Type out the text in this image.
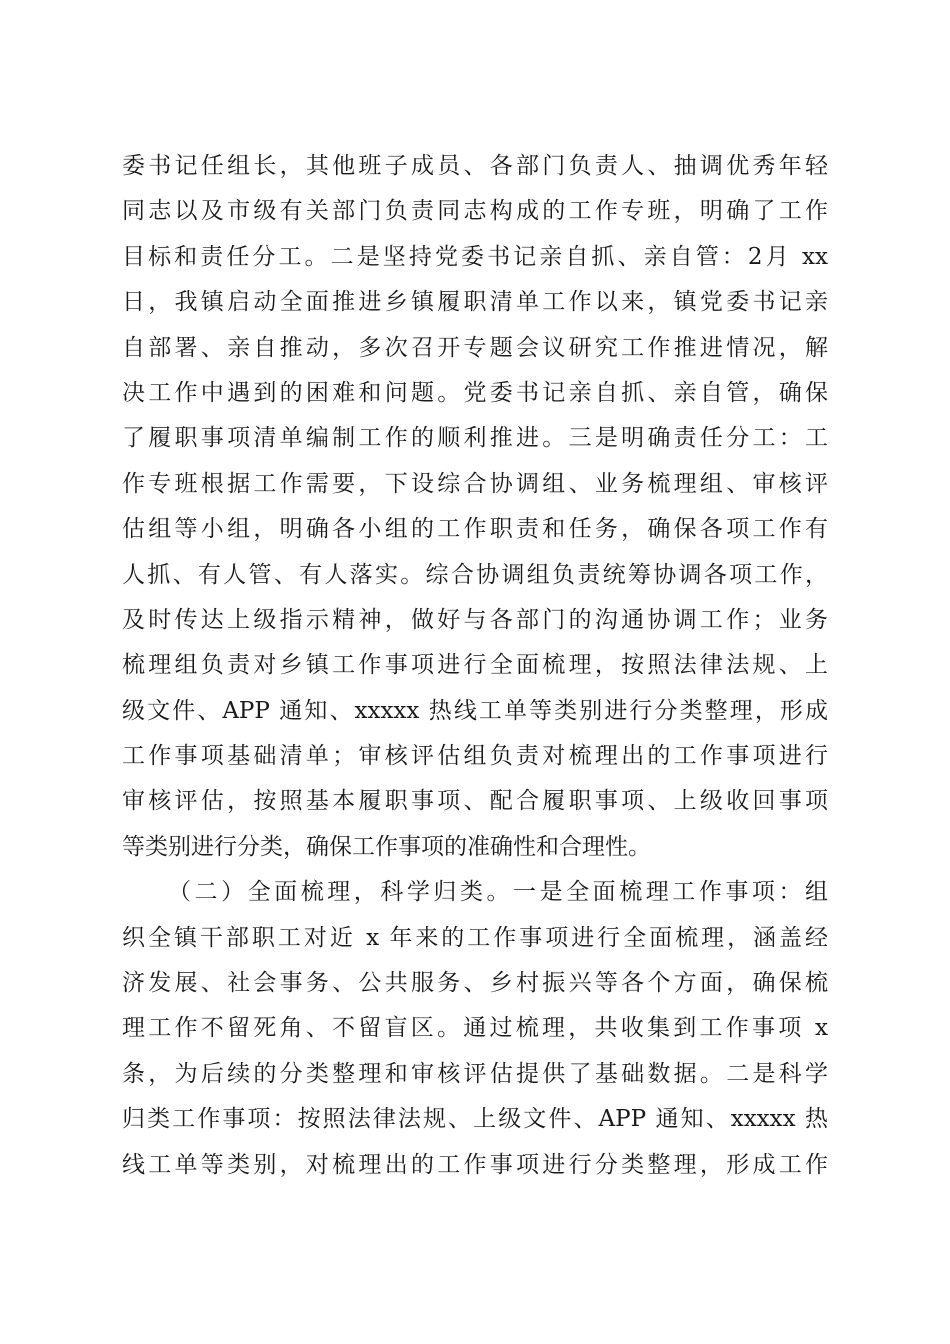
委书记任组长，其他班子成员、各部门负责人、抽调优秀年轻
同志以及市级有关部门负责同志构成的工作专班，明确了工作
目标和责任分工。二是坚持党委书记亲自抓、亲自管：2月 xx
日，我镇启动全面推进乡镇履职清单工作以来，镇党委书记亲
自部署、亲自推动，多次召开专题会议研究工作推进情况，解
决工作中遇到的困难和问题。党委书记亲自抓、亲自管，确保
了履职事项清单编制工作的顺利推进。三是明确责任分工：工
作专班根据工作需要，下设综合协调组、业务梳理组、审核评
估组等小组，明确各小组的工作职责和任务，确保各项工作有
人抓、有人管、有人落实。综合协调组负责统筹协调各项工作，
及时传达上级指示精神，做好与各部门的沟通协调工作；业务
梳理组负责对乡镇工作事项进行全面梳理，按照法律法规、上
级文件、APP 通知、xxxxx 热线工单等类别进行分类整理，形成
工作事项基础清单；审核评估组负责对梳理出的工作事项进行
审核评估，按照基本履职事项、配合履职事项、上级收回事项
等类别进行分类，确保工作事项的准确性和合理性。
（二）全面梳理，科学归类。一是全面梳理工作事项：组
织全镇干部职工对近 x 年来的工作事项进行全面梳理，涵盖经
济发展、社会事务、公共服务、乡村振兴等各个方面，确保梳
理工作不留死角、不留盲区。通过梳理，共收集到工作事项 x
条，为后续的分类整理和审核评估提供了基础数据。二是科学
归类工作事项：按照法律法规、上级文件、APP 通知、xxxxx 热
线工单等类别，对梳理出的工作事项进行分类整理，形成工作
